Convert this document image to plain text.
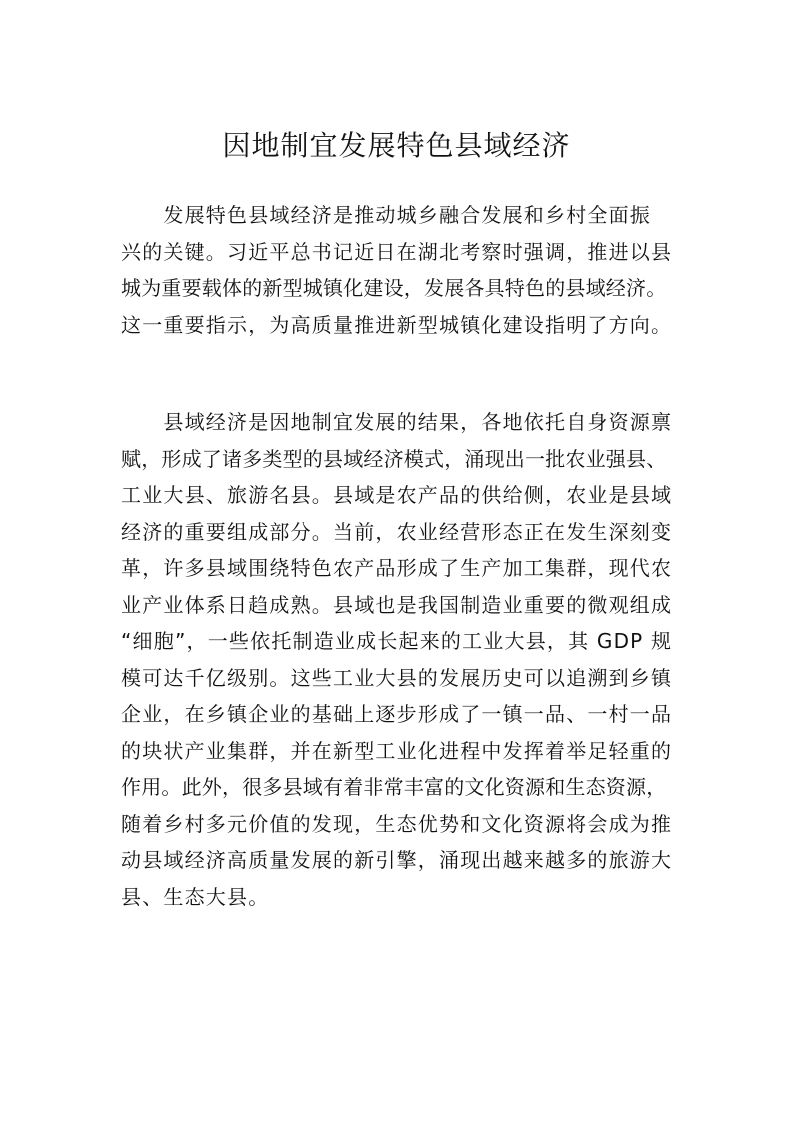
因地制宜发展特色县域经济
　　发展特色县域经济是推动城乡融合发展和乡村全面振
兴的关键。习近平总书记近日在湖北考察时强调，推进以县
城为重要载体的新型城镇化建设，发展各具特色的县域经济。
这一重要指示，为高质量推进新型城镇化建设指明了方向。
　　县域经济是因地制宜发展的结果，各地依托自身资源禀
赋，形成了诸多类型的县域经济模式，涌现出一批农业强县、
工业大县、旅游名县。县域是农产品的供给侧，农业是县域
经济的重要组成部分。当前，农业经营形态正在发生深刻变
革，许多县域围绕特色农产品形成了生产加工集群，现代农
业产业体系日趋成熟。县域也是我国制造业重要的微观组成
“细胞”，一些依托制造业成长起来的工业大县，其 GDP 规
模可达千亿级别。这些工业大县的发展历史可以追溯到乡镇
企业，在乡镇企业的基础上逐步形成了一镇一品、一村一品
的块状产业集群，并在新型工业化进程中发挥着举足轻重的
作用。此外，很多县域有着非常丰富的文化资源和生态资源，
随着乡村多元价值的发现，生态优势和文化资源将会成为推
动县域经济高质量发展的新引擎，涌现出越来越多的旅游大
县、生态大县。
